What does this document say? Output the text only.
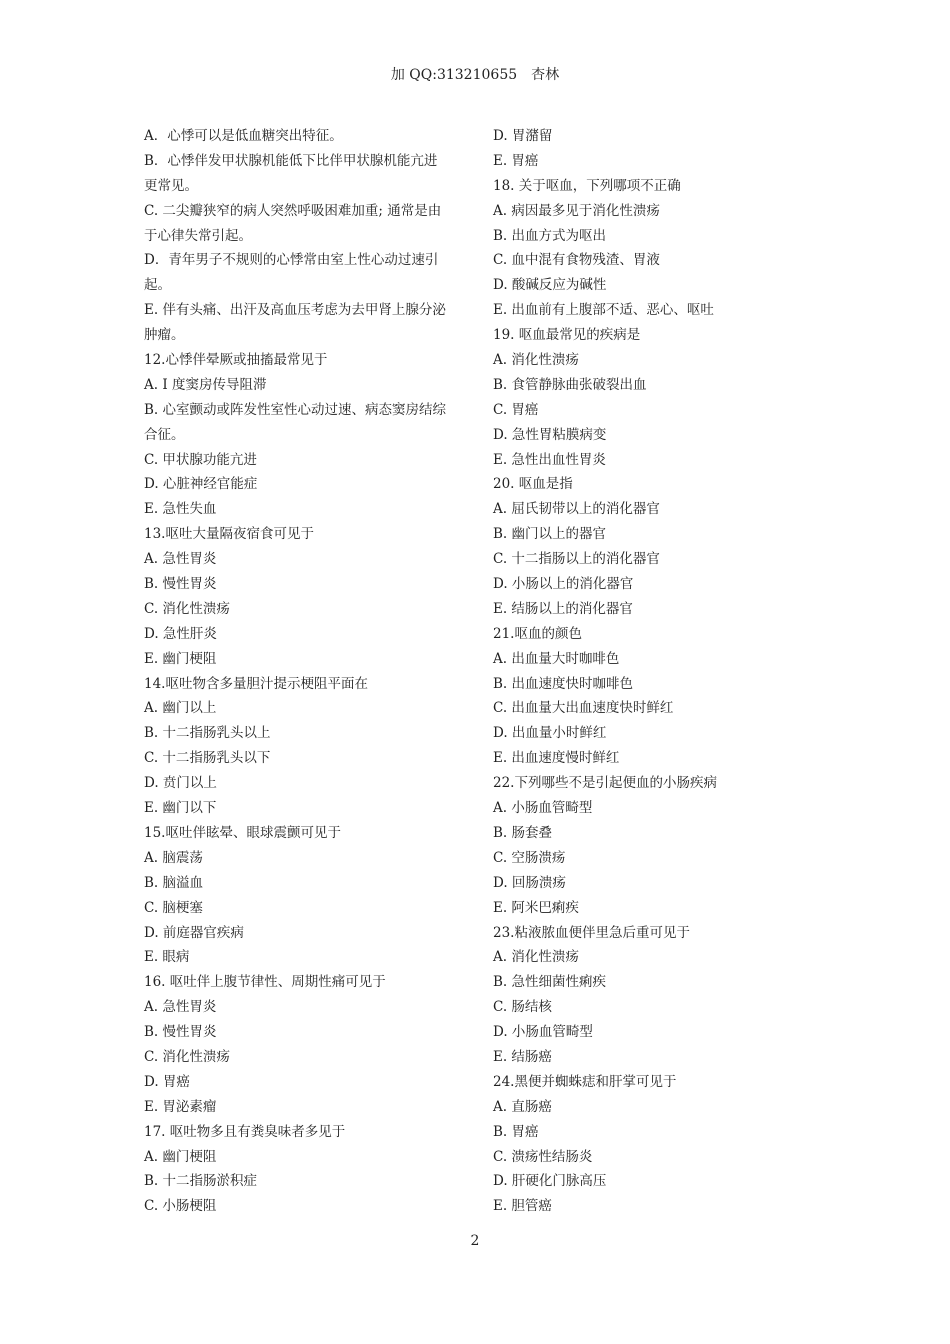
加 QQ:313210655　杏林
A．心悸可以是低血糖突出特征。
B．心悸伴发甲状腺机能低下比伴甲状腺机能亢进
更常见。
C. 二尖瓣狭窄的病人突然呼吸困难加重; 通常是由
于心律失常引起。
D．青年男子不规则的心悸常由室上性心动过速引
起。
E. 伴有头痛、出汗及高血压考虑为去甲肾上腺分泌
肿瘤。
12.心悸伴晕厥或抽搐最常见于
A. I 度窦房传导阻滞
B. 心室颤动或阵发性室性心动过速、病态窦房结综
合征。
C. 甲状腺功能亢进
D. 心脏神经官能症
E. 急性失血
13.呕吐大量隔夜宿食可见于
A. 急性胃炎
B. 慢性胃炎
C. 消化性溃疡
D. 急性肝炎
E. 幽门梗阻
14.呕吐物含多量胆汁提示梗阻平面在
A. 幽门以上
B. 十二指肠乳头以上
C. 十二指肠乳头以下
D. 贲门以上
E. 幽门以下
15.呕吐伴眩晕、眼球震颤可见于
A. 脑震荡
B. 脑溢血
C. 脑梗塞
D. 前庭器官疾病
E. 眼病
16. 呕吐伴上腹节律性、周期性痛可见于
A. 急性胃炎
B. 慢性胃炎
C. 消化性溃疡
D. 胃癌
E. 胃泌素瘤
17. 呕吐物多且有粪臭味者多见于
A. 幽门梗阻
B. 十二指肠淤积症
C. 小肠梗阻
D. 胃潴留
E. 胃癌
18. 关于呕血，下列哪项不正确
A. 病因最多见于消化性溃疡
B. 出血方式为呕出
C. 血中混有食物残渣、胃液
D. 酸碱反应为碱性
E. 出血前有上腹部不适、恶心、呕吐
19. 呕血最常见的疾病是
A. 消化性溃疡
B. 食管静脉曲张破裂出血
C. 胃癌
D. 急性胃粘膜病变
E. 急性出血性胃炎
20. 呕血是指
A. 屈氏韧带以上的消化器官
B. 幽门以上的器官
C. 十二指肠以上的消化器官
D. 小肠以上的消化器官
E. 结肠以上的消化器官
21.呕血的颜色
A. 出血量大时咖啡色
B. 出血速度快时咖啡色
C. 出血量大出血速度快时鲜红
D. 出血量小时鲜红
E. 出血速度慢时鲜红
22.下列哪些不是引起便血的小肠疾病
A. 小肠血管畸型
B. 肠套叠
C. 空肠溃疡
D. 回肠溃疡
E. 阿米巴痢疾
23.粘液脓血便伴里急后重可见于
A. 消化性溃疡
B. 急性细菌性痢疾
C. 肠结核
D. 小肠血管畸型
E. 结肠癌
24.黑便并蜘蛛痣和肝掌可见于
A. 直肠癌
B. 胃癌
C. 溃疡性结肠炎
D. 肝硬化门脉高压
E. 胆管癌
2
